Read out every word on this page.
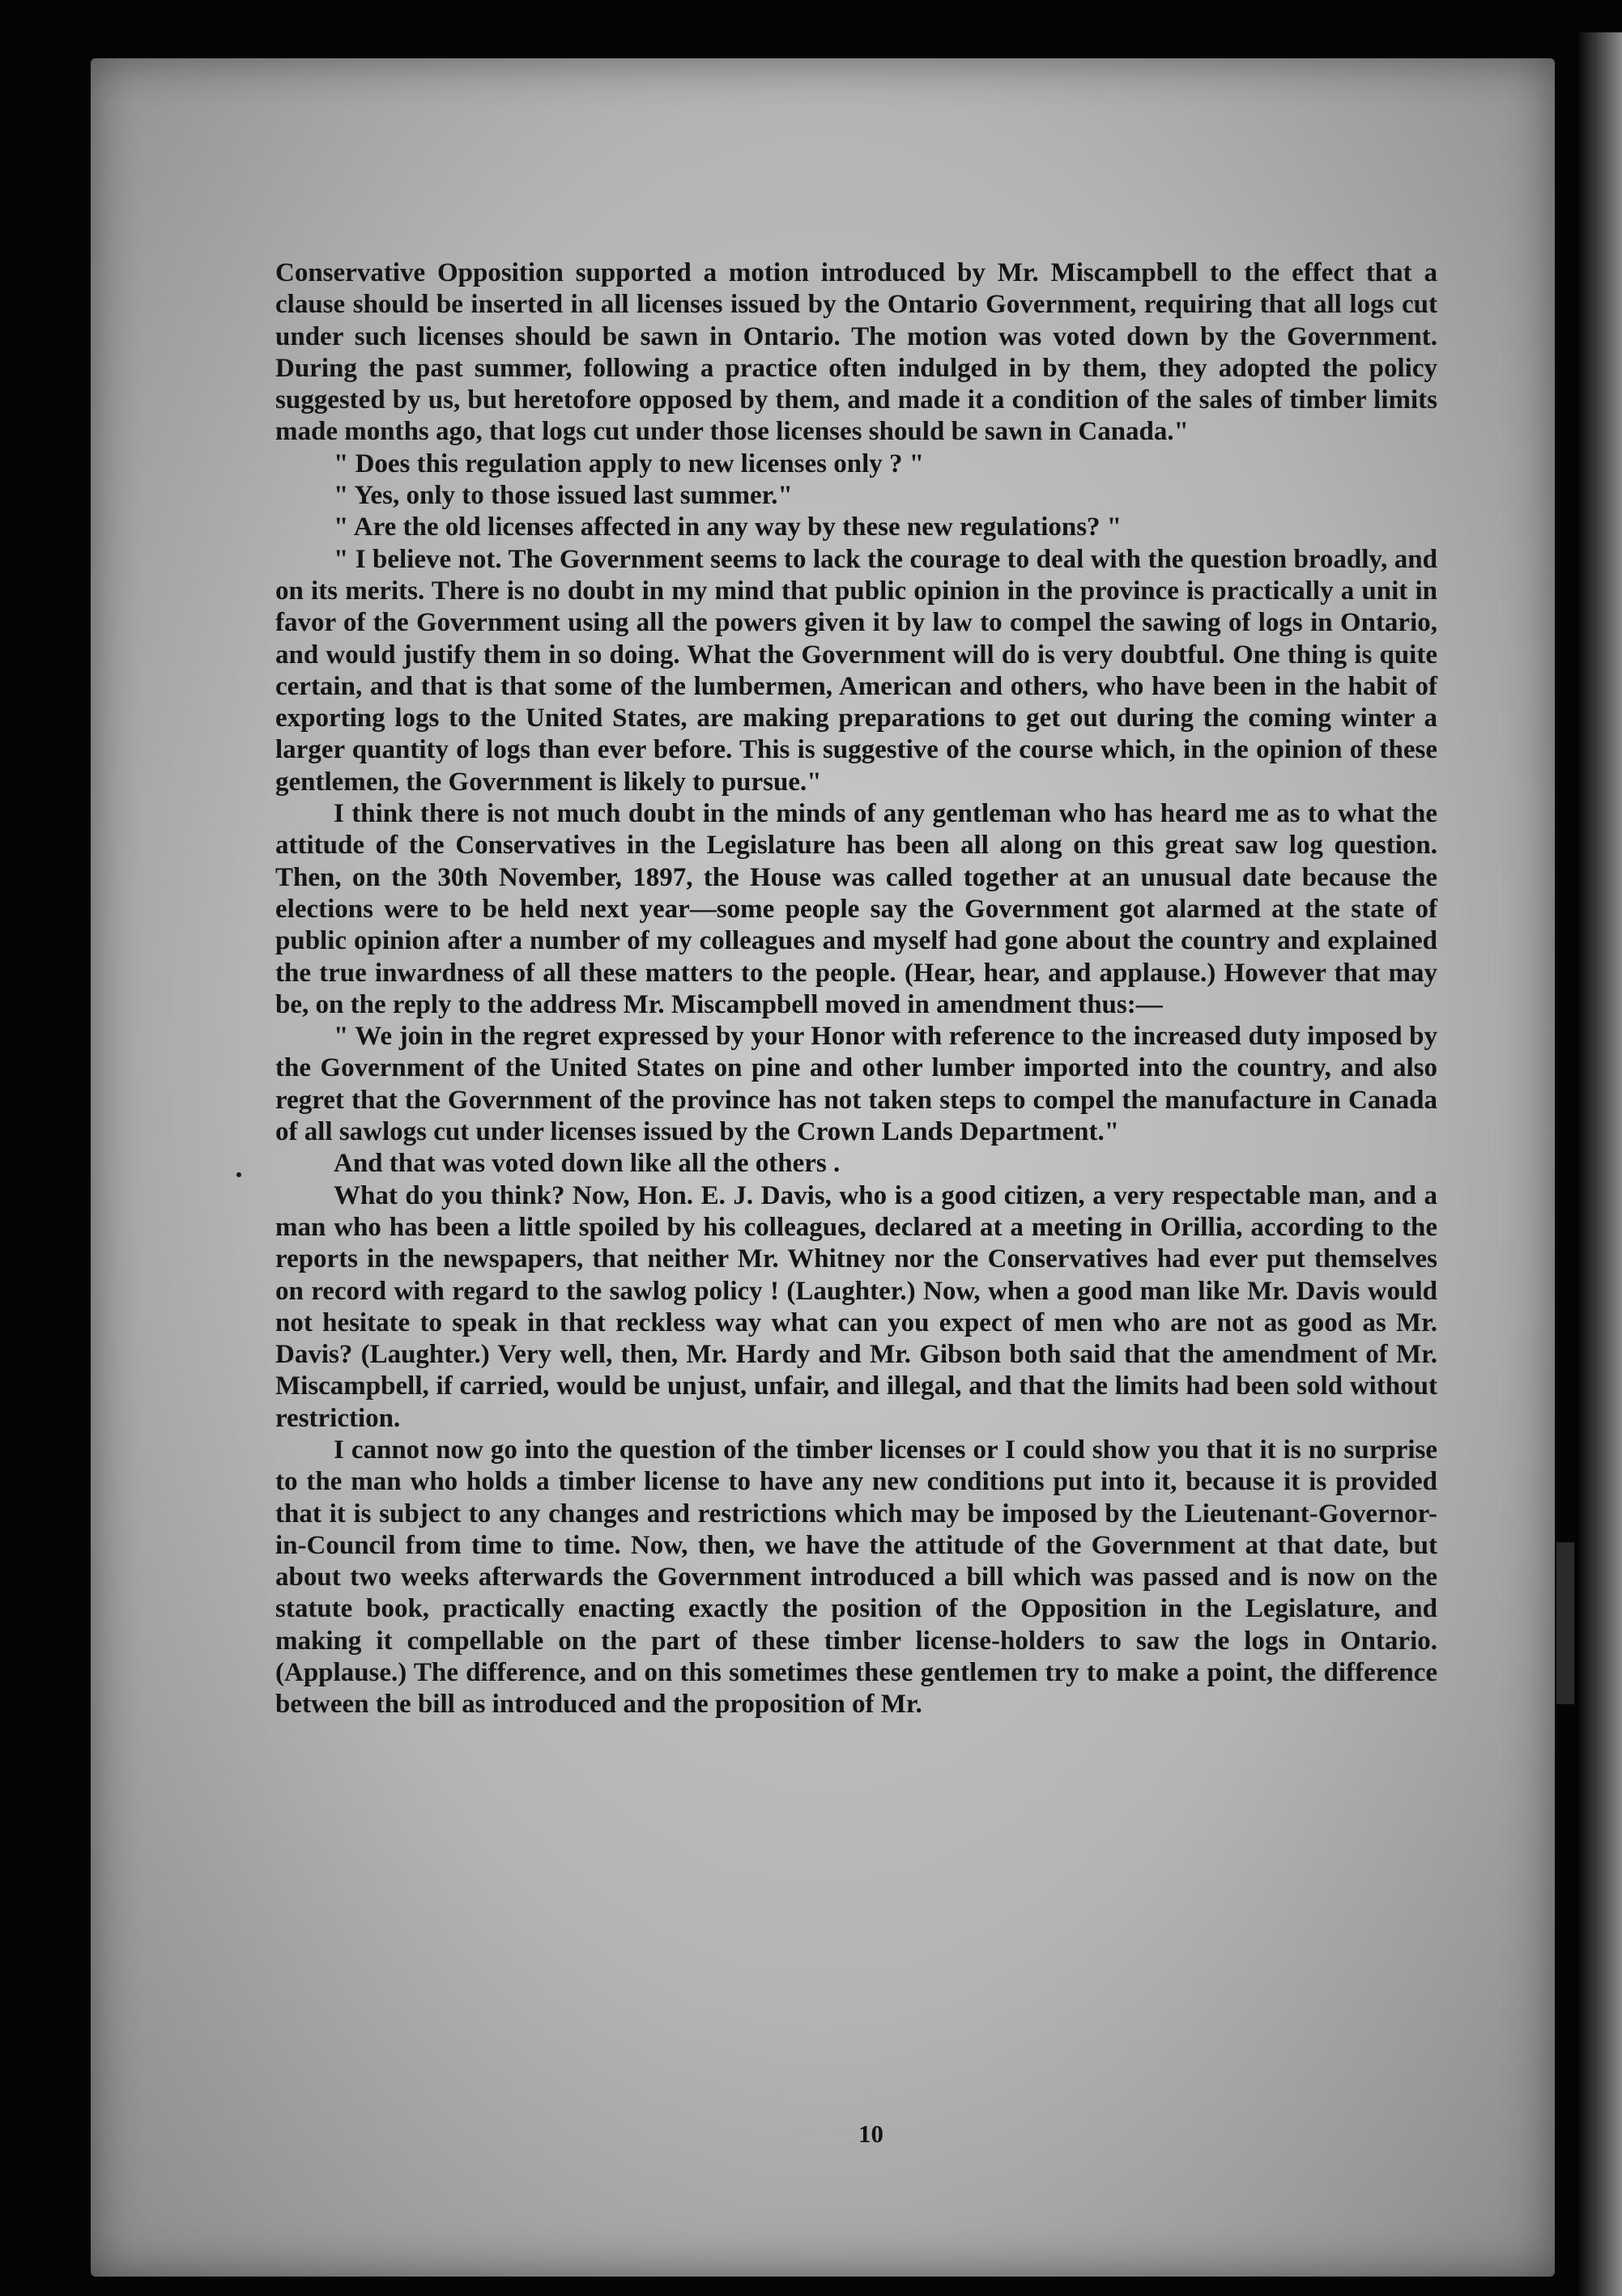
Conservative Opposition supported a motion introduced by Mr. Miscampbell to the effect that a clause should be inserted in all licenses issued by the Ontario Government, requiring that all logs cut under such licenses should be sawn in Ontario. The motion was voted down by the Government. During the past summer, following a practice often indulged in by them, they adopted the policy suggested by us, but heretofore opposed by them, and made it a condition of the sales of timber limits made months ago, that logs cut under those licenses should be sawn in Canada."

" Does this regulation apply to new licenses only ? "

" Yes, only to those issued last summer."

" Are the old licenses affected in any way by these new regulations? "

" I believe not. The Government seems to lack the courage to deal with the question broadly, and on its merits. There is no doubt in my mind that public opinion in the province is practically a unit in favor of the Government using all the powers given it by law to compel the sawing of logs in Ontario, and would justify them in so doing. What the Government will do is very doubtful. One thing is quite certain, and that is that some of the lumbermen, American and others, who have been in the habit of exporting logs to the United States, are making preparations to get out during the coming winter a larger quantity of logs than ever before. This is suggestive of the course which, in the opinion of these gentlemen, the Government is likely to pursue."

I think there is not much doubt in the minds of any gentleman who has heard me as to what the attitude of the Conservatives in the Legislature has been all along on this great saw log question. Then, on the 30th November, 1897, the House was called together at an unusual date because the elections were to be held next year—some people say the Government got alarmed at the state of public opinion after a number of my colleagues and myself had gone about the country and explained the true inwardness of all these matters to the people. (Hear, hear, and applause.) However that may be, on the reply to the address Mr. Miscampbell moved in amendment thus:—

" We join in the regret expressed by your Honor with reference to the increased duty imposed by the Government of the United States on pine and other lumber imported into the country, and also regret that the Government of the province has not taken steps to compel the manufacture in Canada of all sawlogs cut under licenses issued by the Crown Lands Department."

And that was voted down like all the others .

What do you think? Now, Hon. E. J. Davis, who is a good citizen, a very respectable man, and a man who has been a little spoiled by his colleagues, declared at a meeting in Orillia, according to the reports in the newspapers, that neither Mr. Whitney nor the Conservatives had ever put themselves on record with regard to the sawlog policy ! (Laughter.) Now, when a good man like Mr. Davis would not hesitate to speak in that reckless way what can you expect of men who are not as good as Mr. Davis? (Laughter.) Very well, then, Mr. Hardy and Mr. Gibson both said that the amendment of Mr. Miscampbell, if carried, would be unjust, unfair, and illegal, and that the limits had been sold without restriction.

I cannot now go into the question of the timber licenses or I could show you that it is no surprise to the man who holds a timber license to have any new conditions put into it, because it is provided that it is subject to any changes and restrictions which may be imposed by the Lieutenant-Governor-in-Council from time to time. Now, then, we have the attitude of the Government at that date, but about two weeks afterwards the Government introduced a bill which was passed and is now on the statute book, practically enacting exactly the position of the Opposition in the Legislature, and making it compellable on the part of these timber license-holders to saw the logs in Ontario. (Applause.) The difference, and on this sometimes these gentlemen try to make a point, the difference between the bill as introduced and the proposition of Mr.

10
